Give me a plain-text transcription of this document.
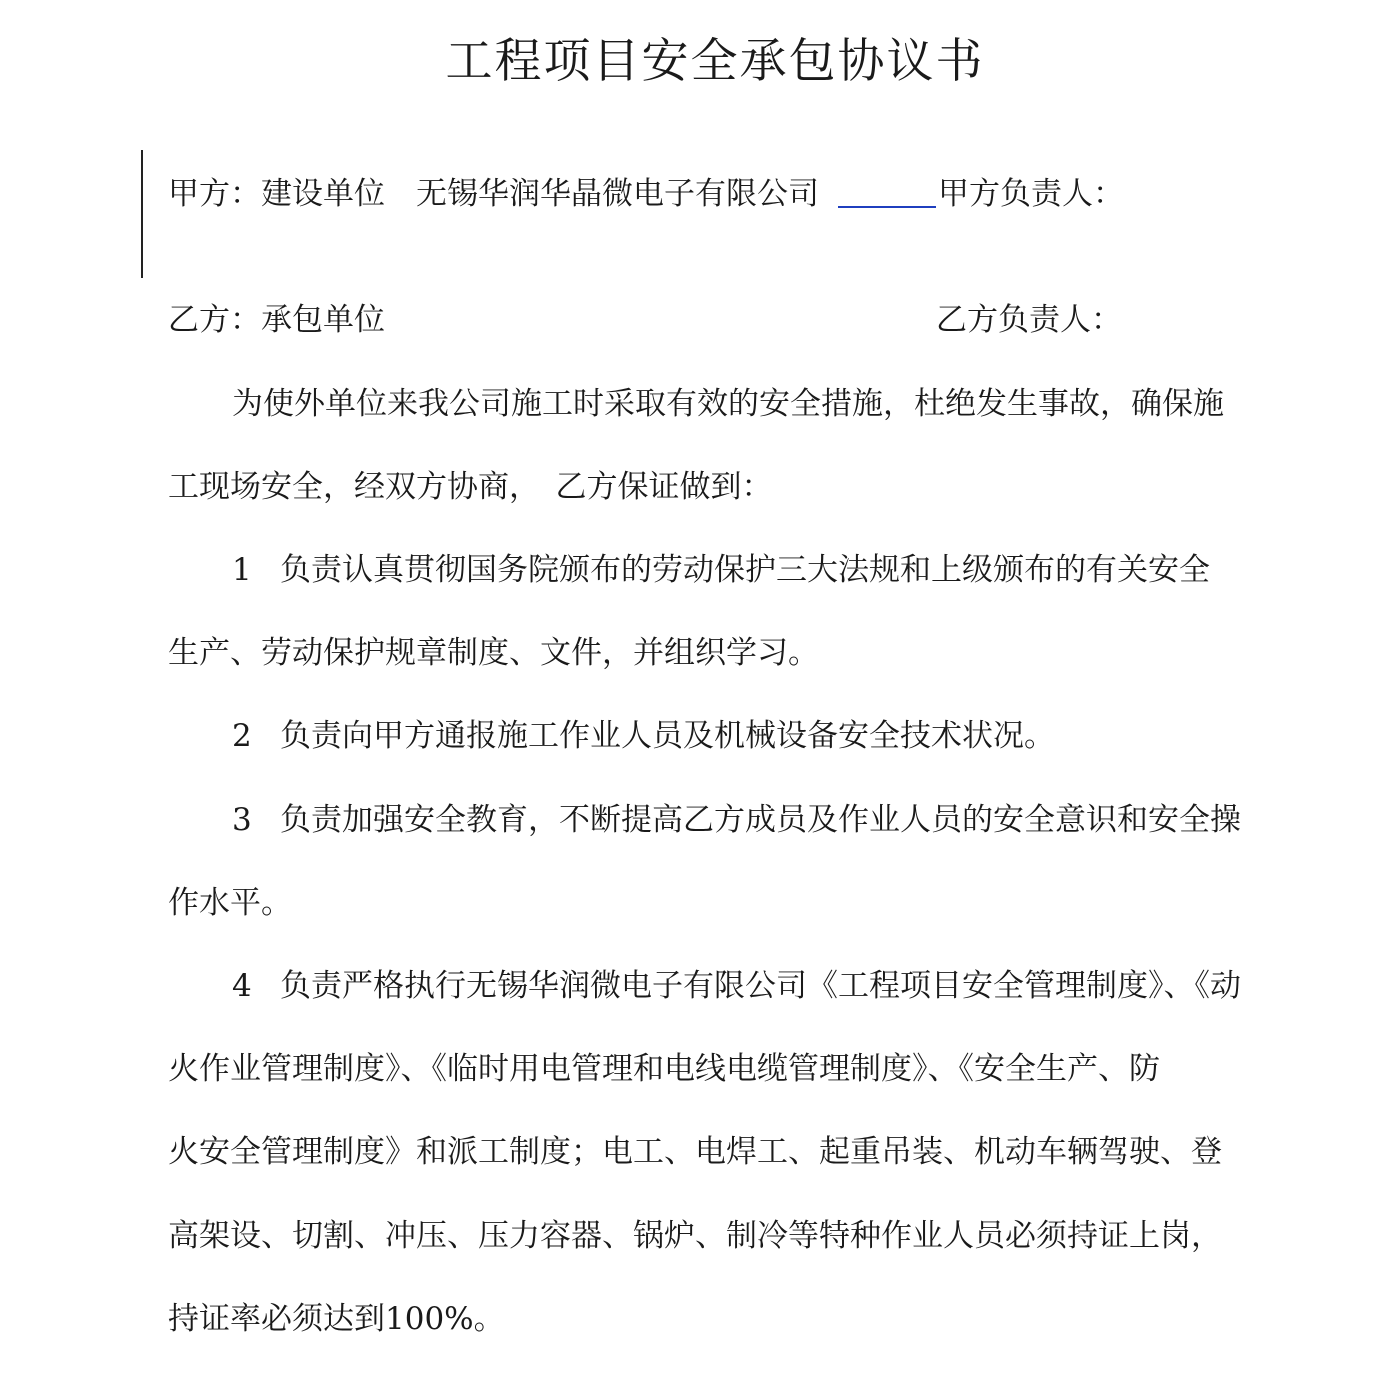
工程项目安全承包协议书
甲方：建设单位　无锡华润华晶微电子有限公司	甲方负责人：
乙方：承包单位	乙方负责人：
为使外单位来我公司施工时采取有效的安全措施，杜绝发生事故，确保施
工现场安全，经双方协商，　乙方保证做到：
1 负责认真贯彻国务院颁布的劳动保护三大法规和上级颁布的有关安全
生产、劳动保护规章制度、文件，并组织学习。
2 负责向甲方通报施工作业人员及机械设备安全技术状况。
3 负责加强安全教育，不断提高乙方成员及作业人员的安全意识和安全操
作水平。
4 负责严格执行无锡华润微电子有限公司《工程项目安全管理制度》、《动
火作业管理制度》、《临时用电管理和电线电缆管理制度》、《安全生产、防
火安全管理制度》和派工制度；电工、电焊工、起重吊装、机动车辆驾驶、登
高架设、切割、冲压、压力容器、锅炉、制冷等特种作业人员必须持证上岗，
持证率必须达到100%。
